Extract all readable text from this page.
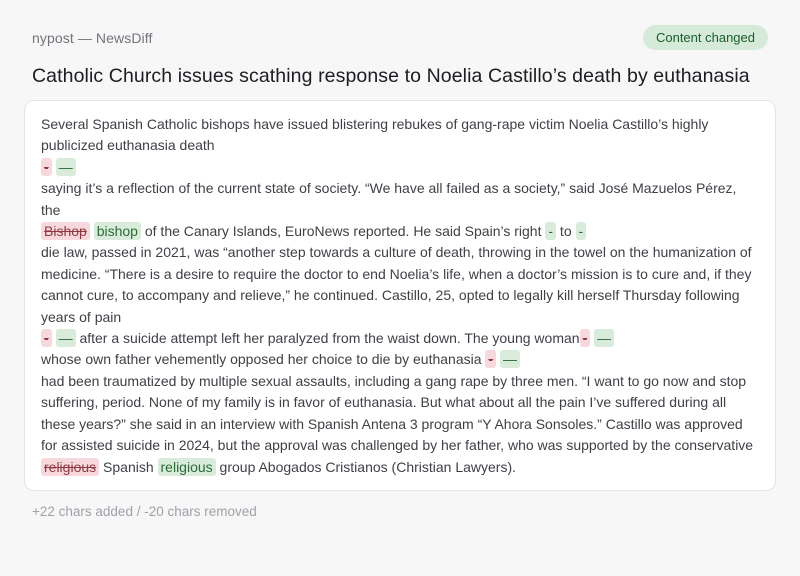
nypost — NewsDiff	Content changed
Catholic Church issues scathing response to Noelia Castillo’s death by euthanasia

Several Spanish Catholic bishops have issued blistering rebukes of gang-rape victim Noelia Castillo’s highly publicized euthanasia death
- —
saying it’s a reflection of the current state of society. “We have all failed as a society,” said José Mazuelos Pérez, the
Bishop bishop of the Canary Islands, EuroNews reported. He said Spain’s right - to -
die law, passed in 2021, was “another step towards a culture of death, throwing in the towel on the humanization of medicine. “There is a desire to require the doctor to end Noelia’s life, when a doctor’s mission is to cure and, if they cannot cure, to accompany and relieve,” he continued. Castillo, 25, opted to legally kill herself Thursday following years of pain
- — after a suicide attempt left her paralyzed from the waist down. The young woman - —
whose own father vehemently opposed her choice to die by euthanasia - —
had been traumatized by multiple sexual assaults, including a gang rape by three men. “I want to go now and stop suffering, period. None of my family is in favor of euthanasia. But what about all the pain I’ve suffered during all these years?” she said in an interview with Spanish Antena 3 program “Y Ahora Sonsoles.” Castillo was approved for assisted suicide in 2024, but the approval was challenged by her father, who was supported by the conservative
religious Spanish religious group Abogados Cristianos (Christian Lawyers).

+22 chars added / -20 chars removed
